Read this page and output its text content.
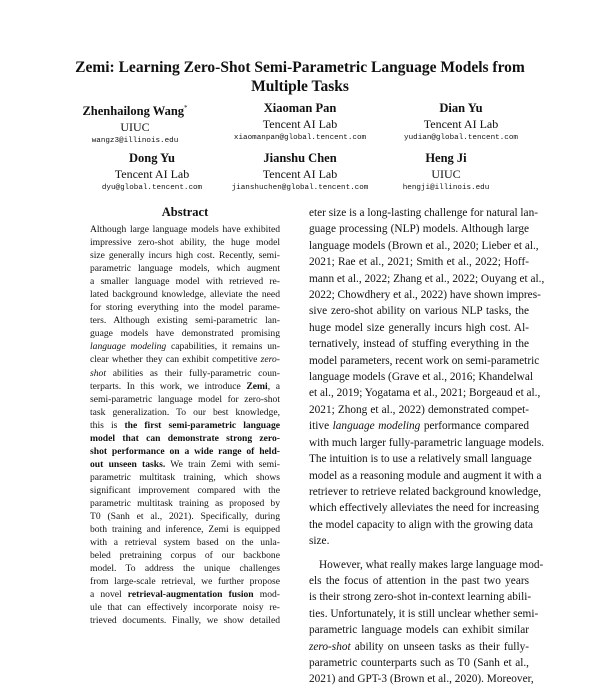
Zemi: Learning Zero-Shot Semi-Parametric Language Models from
Multiple Tasks
Zhenhailong Wang*
UIUC
wangz3@illinois.edu
Xiaoman Pan
Tencent AI Lab
xiaomanpan@global.tencent.com
Dian Yu
Tencent AI Lab
yudian@global.tencent.com
Dong Yu
Tencent AI Lab
dyu@global.tencent.com
Jianshu Chen
Tencent AI Lab
jianshuchen@global.tencent.com
Heng Ji
UIUC
hengji@illinois.edu
Abstract
Although large language models have exhibited
impressive zero-shot ability, the huge model
size generally incurs high cost. Recently, semi-
parametric language models, which augment
a smaller language model with retrieved re-
lated background knowledge, alleviate the need
for storing everything into the model parame-
ters. Although existing semi-parametric lan-
guage models have demonstrated promising
language modeling capabilities, it remains un-
clear whether they can exhibit competitive zero-
shot abilities as their fully-parametric coun-
terparts. In this work, we introduce Zemi, a
semi-parametric language model for zero-shot
task generalization. To our best knowledge,
this is the first semi-parametric language
model that can demonstrate strong zero-
shot performance on a wide range of held-
out unseen tasks. We train Zemi with semi-
parametric multitask training, which shows
significant improvement compared with the
parametric multitask training as proposed by
T0 (Sanh et al., 2021). Specifically, during
both training and inference, Zemi is equipped
with a retrieval system based on the unla-
beled pretraining corpus of our backbone
model. To address the unique challenges
from large-scale retrieval, we further propose
a novel retrieval-augmentation fusion mod-
ule that can effectively incorporate noisy re-
trieved documents. Finally, we show detailed
eter size is a long-lasting challenge for natural lan-
guage processing (NLP) models. Although large
language models (Brown et al., 2020; Lieber et al.,
2021; Rae et al., 2021; Smith et al., 2022; Hoff-
mann et al., 2022; Zhang et al., 2022; Ouyang et al.,
2022; Chowdhery et al., 2022) have shown impres-
sive zero-shot ability on various NLP tasks, the
huge model size generally incurs high cost. Al-
ternatively, instead of stuffing everything in the
model parameters, recent work on semi-parametric
language models (Grave et al., 2016; Khandelwal
et al., 2019; Yogatama et al., 2021; Borgeaud et al.,
2021; Zhong et al., 2022) demonstrated compet-
itive language modeling performance compared
with much larger fully-parametric language models.
The intuition is to use a relatively small language
model as a reasoning module and augment it with a
retriever to retrieve related background knowledge,
which effectively alleviates the need for increasing
the model capacity to align with the growing data
size.
However, what really makes large language mod-
els the focus of attention in the past two years
is their strong zero-shot in-context learning abili-
ties. Unfortunately, it is still unclear whether semi-
parametric language models can exhibit similar
zero-shot ability on unseen tasks as their fully-
parametric counterparts such as T0 (Sanh et al.,
2021) and GPT-3 (Brown et al., 2020). Moreover,
